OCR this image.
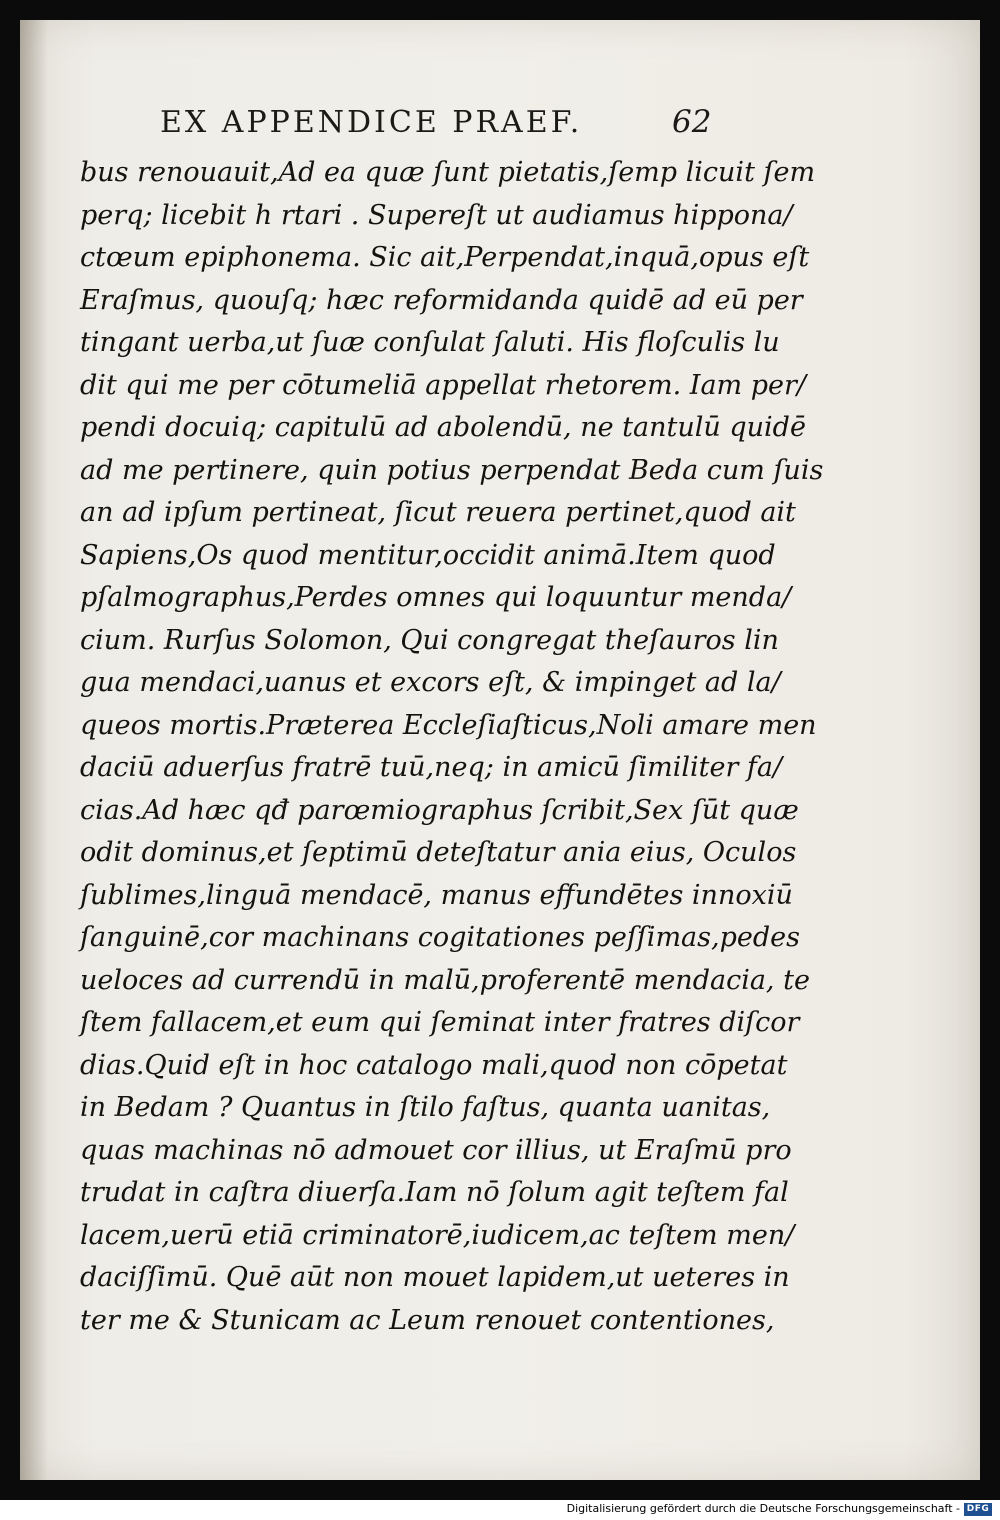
EX APPENDICE PRAEF.	62
bus renouauit,Ad ea quæ ſunt pietatis,ſemp licuit ſem
perq; licebit h rtari . Supereſt ut audiamus hippona/
ctœum epiphonema. Sic ait,Perpendat,inquā,opus eſt
Eraſmus, quouſq; hæc reformidanda quidē ad eū per
tingant uerba,ut ſuæ conſulat ſaluti. His floſculis lu
dit qui me per cōtumeliā appellat rhetorem. Iam per/
pendi docuiq; capitulū ad abolendū, ne tantulū quidē
ad me pertinere, quin potius perpendat Beda cum ſuis
an ad ipſum pertineat, ſicut reuera pertinet,quod ait
Sapiens,Os quod mentitur,occidit animā.Item quod
pſalmographus,Perdes omnes qui loquuntur menda/
cium. Rurſus Solomon, Qui congregat theſauros lin
gua mendaci,uanus et excors eſt, & impinget ad la/
queos mortis.Præterea Eccleſiaſticus,Noli amare men
daciū aduerſus fratrē tuū,neq; in amicū ſimiliter fa/
cias.Ad hæc qđ parœmiographus ſcribit,Sex ſūt quæ
odit dominus,et ſeptimū deteſtatur ania eius, Oculos
ſublimes,linguā mendacē, manus effundētes innoxiū
ſanguinē,cor machinans cogitationes peſſimas,pedes
ueloces ad currendū in malū,proferentē mendacia, te
ſtem fallacem,et eum qui ſeminat inter fratres diſcor
dias.Quid eſt in hoc catalogo mali,quod non cōpetat
in Bedam ? Quantus in ſtilo faſtus, quanta uanitas,
quas machinas nō admouet cor illius, ut Eraſmū pro
trudat in caſtra diuerſa.Iam nō ſolum agit teſtem fal
lacem,uerū etiā criminatorē,iudicem,ac teſtem men/
daciſſimū. Quē aūt non mouet lapidem,ut ueteres in
ter me & Stunicam ac Leum renouet contentiones,
Digitalisierung gefördert durch die Deutsche Forschungsgemeinschaft - DFG
